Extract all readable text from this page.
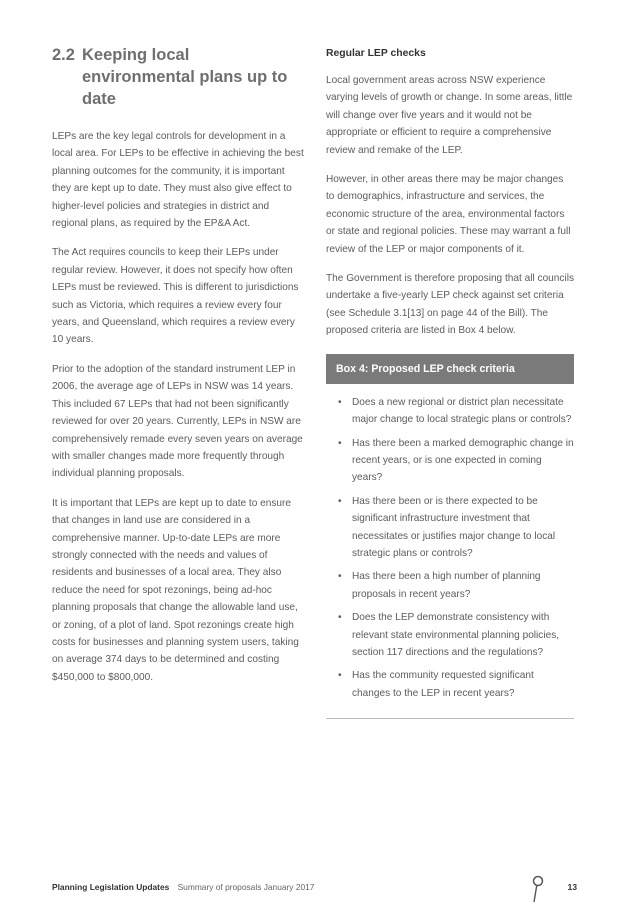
2.2 Keeping local environmental plans up to date

LEPs are the key legal controls for development in a local area. For LEPs to be effective in achieving the best planning outcomes for the community, it is important they are kept up to date. They must also give effect to higher-level policies and strategies in district and regional plans, as required by the EP&A Act.

The Act requires councils to keep their LEPs under regular review. However, it does not specify how often LEPs must be reviewed. This is different to jurisdictions such as Victoria, which requires a review every four years, and Queensland, which requires a review every 10 years.

Prior to the adoption of the standard instrument LEP in 2006, the average age of LEPs in NSW was 14 years. This included 67 LEPs that had not been significantly reviewed for over 20 years. Currently, LEPs in NSW are comprehensively remade every seven years on average with smaller changes made more frequently through individual planning proposals.

It is important that LEPs are kept up to date to ensure that changes in land use are considered in a comprehensive manner. Up-to-date LEPs are more strongly connected with the needs and values of residents and businesses of a local area. They also reduce the need for spot rezonings, being ad-hoc planning proposals that change the allowable land use, or zoning, of a plot of land. Spot rezonings create high costs for businesses and planning system users, taking on average 374 days to be determined and costing $450,000 to $800,000.

Regular LEP checks

Local government areas across NSW experience varying levels of growth or change. In some areas, little will change over five years and it would not be appropriate or efficient to require a comprehensive review and remake of the LEP.

However, in other areas there may be major changes to demographics, infrastructure and services, the economic structure of the area, environmental factors or state and regional policies. These may warrant a full review of the LEP or major components of it.

The Government is therefore proposing that all councils undertake a five-yearly LEP check against set criteria (see Schedule 3.1[13] on page 44 of the Bill). The proposed criteria are listed in Box 4 below.

Box 4: Proposed LEP check criteria
• Does a new regional or district plan necessitate major change to local strategic plans or controls?
• Has there been a marked demographic change in recent years, or is one expected in coming years?
• Has there been or is there expected to be significant infrastructure investment that necessitates or justifies major change to local strategic plans or controls?
• Has there been a high number of planning proposals in recent years?
• Does the LEP demonstrate consistency with relevant state environmental planning policies, section 117 directions and the regulations?
• Has the community requested significant changes to the LEP in recent years?
Planning Legislation Updates Summary of proposals January 2017	13
